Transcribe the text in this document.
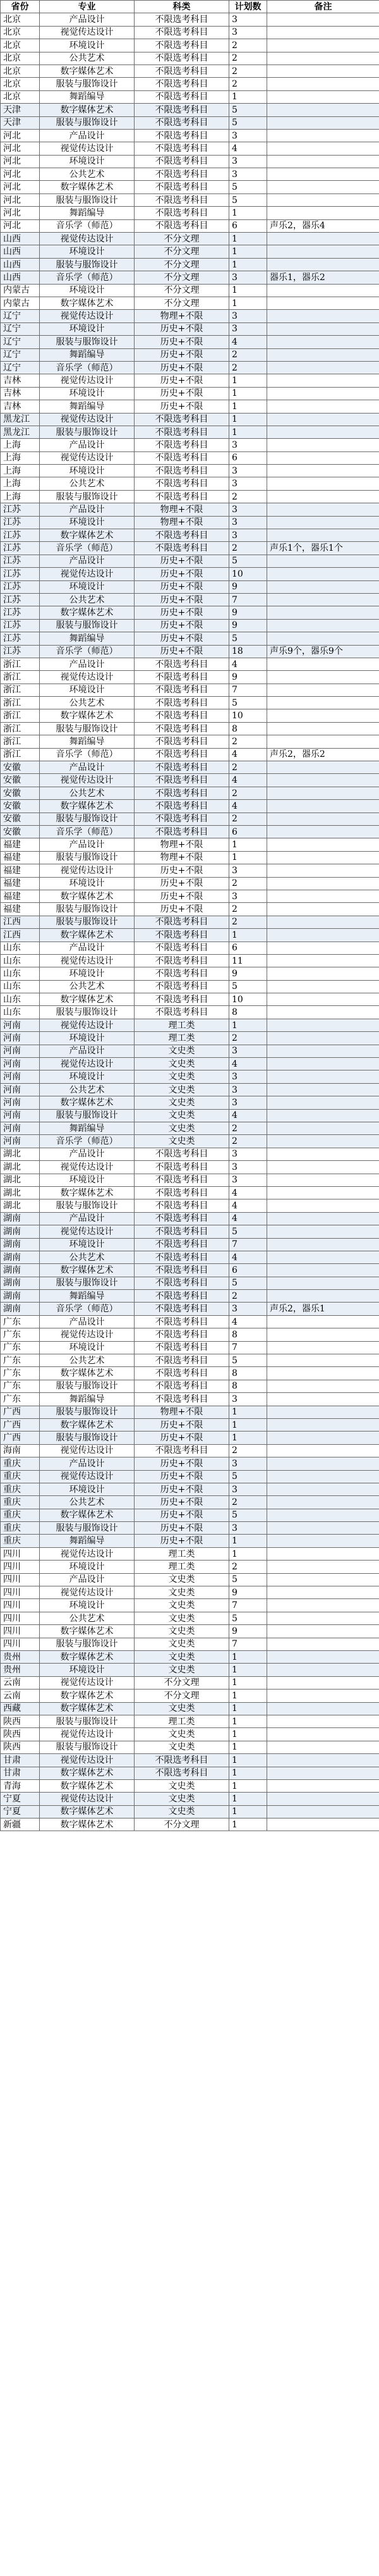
省份	专业	科类	计划数	备注
北京	产品设计	不限选考科目	3	
北京	视觉传达设计	不限选考科目	3	
北京	环境设计	不限选考科目	2	
北京	公共艺术	不限选考科目	2	
北京	数字媒体艺术	不限选考科目	2	
北京	服装与服饰设计	不限选考科目	2	
北京	舞蹈编导	不限选考科目	1	
天津	数字媒体艺术	不限选考科目	5	
天津	服装与服饰设计	不限选考科目	5	
河北	产品设计	不限选考科目	3	
河北	视觉传达设计	不限选考科目	4	
河北	环境设计	不限选考科目	3	
河北	公共艺术	不限选考科目	3	
河北	数字媒体艺术	不限选考科目	5	
河北	服装与服饰设计	不限选考科目	5	
河北	舞蹈编导	不限选考科目	1	
河北	音乐学（师范）	不限选考科目	6	声乐2，器乐4
山西	视觉传达设计	不分文理	1	
山西	环境设计	不分文理	1	
山西	服装与服饰设计	不分文理	1	
山西	音乐学（师范）	不分文理	3	器乐1，器乐2
内蒙古	环境设计	不分文理	1	
内蒙古	数字媒体艺术	不分文理	1	
辽宁	视觉传达设计	物理+不限	3	
辽宁	环境设计	历史+不限	3	
辽宁	服装与服饰设计	历史+不限	4	
辽宁	舞蹈编导	历史+不限	2	
辽宁	音乐学（师范）	历史+不限	2	
吉林	视觉传达设计	历史+不限	1	
吉林	环境设计	历史+不限	1	
吉林	舞蹈编导	历史+不限	1	
黑龙江	视觉传达设计	不限选考科目	1	
黑龙江	服装与服饰设计	不限选考科目	1	
上海	产品设计	不限选考科目	3	
上海	视觉传达设计	不限选考科目	6	
上海	环境设计	不限选考科目	3	
上海	公共艺术	不限选考科目	3	
上海	服装与服饰设计	不限选考科目	2	
江苏	产品设计	物理+不限	3	
江苏	环境设计	物理+不限	3	
江苏	数字媒体艺术	不限选考科目	3	
江苏	音乐学（师范）	不限选考科目	2	声乐1个，器乐1个
江苏	产品设计	历史+不限	5	
江苏	视觉传达设计	历史+不限	10	
江苏	环境设计	历史+不限	9	
江苏	公共艺术	历史+不限	7	
江苏	数字媒体艺术	历史+不限	9	
江苏	服装与服饰设计	历史+不限	9	
江苏	舞蹈编导	历史+不限	5	
江苏	音乐学（师范）	历史+不限	18	声乐9个，器乐9个
浙江	产品设计	不限选考科目	4	
浙江	视觉传达设计	不限选考科目	9	
浙江	环境设计	不限选考科目	7	
浙江	公共艺术	不限选考科目	5	
浙江	数字媒体艺术	不限选考科目	10	
浙江	服装与服饰设计	不限选考科目	8	
浙江	舞蹈编导	不限选考科目	2	
浙江	音乐学（师范）	不限选考科目	4	声乐2，器乐2
安徽	产品设计	不限选考科目	2	
安徽	视觉传达设计	不限选考科目	4	
安徽	公共艺术	不限选考科目	2	
安徽	数字媒体艺术	不限选考科目	4	
安徽	服装与服饰设计	不限选考科目	2	
安徽	音乐学（师范）	不限选考科目	6	
福建	产品设计	物理+不限	1	
福建	服装与服饰设计	物理+不限	1	
福建	视觉传达设计	历史+不限	3	
福建	环境设计	历史+不限	2	
福建	数字媒体艺术	历史+不限	3	
福建	服装与服饰设计	历史+不限	2	
江西	服装与服饰设计	不限选考科目	2	
江西	数字媒体艺术	不限选考科目	1	
山东	产品设计	不限选考科目	6	
山东	视觉传达设计	不限选考科目	11	
山东	环境设计	不限选考科目	9	
山东	公共艺术	不限选考科目	5	
山东	数字媒体艺术	不限选考科目	10	
山东	服装与服饰设计	不限选考科目	8	
河南	视觉传达设计	理工类	1	
河南	环境设计	理工类	2	
河南	产品设计	文史类	3	
河南	视觉传达设计	文史类	4	
河南	环境设计	文史类	3	
河南	公共艺术	文史类	3	
河南	数字媒体艺术	文史类	3	
河南	服装与服饰设计	文史类	4	
河南	舞蹈编导	文史类	2	
河南	音乐学（师范）	文史类	2	
湖北	产品设计	不限选考科目	3	
湖北	视觉传达设计	不限选考科目	3	
湖北	环境设计	不限选考科目	3	
湖北	数字媒体艺术	不限选考科目	4	
湖北	服装与服饰设计	不限选考科目	4	
湖南	产品设计	不限选考科目	4	
湖南	视觉传达设计	不限选考科目	5	
湖南	环境设计	不限选考科目	7	
湖南	公共艺术	不限选考科目	4	
湖南	数字媒体艺术	不限选考科目	6	
湖南	服装与服饰设计	不限选考科目	5	
湖南	舞蹈编导	不限选考科目	2	
湖南	音乐学（师范）	不限选考科目	3	声乐2，器乐1
广东	产品设计	不限选考科目	4	
广东	视觉传达设计	不限选考科目	8	
广东	环境设计	不限选考科目	7	
广东	公共艺术	不限选考科目	5	
广东	数字媒体艺术	不限选考科目	8	
广东	服装与服饰设计	不限选考科目	8	
广东	舞蹈编导	不限选考科目	3	
广西	服装与服饰设计	物理+不限	1	
广西	数字媒体艺术	历史+不限	1	
广西	服装与服饰设计	历史+不限	1	
海南	视觉传达设计	不限选考科目	2	
重庆	产品设计	历史+不限	3	
重庆	视觉传达设计	历史+不限	5	
重庆	环境设计	历史+不限	3	
重庆	公共艺术	历史+不限	2	
重庆	数字媒体艺术	历史+不限	5	
重庆	服装与服饰设计	历史+不限	3	
重庆	舞蹈编导	历史+不限	1	
四川	视觉传达设计	理工类	1	
四川	环境设计	理工类	2	
四川	产品设计	文史类	5	
四川	视觉传达设计	文史类	9	
四川	环境设计	文史类	7	
四川	公共艺术	文史类	5	
四川	数字媒体艺术	文史类	9	
四川	服装与服饰设计	文史类	7	
贵州	数字媒体艺术	文史类	1	
贵州	环境设计	文史类	1	
云南	视觉传达设计	不分文理	1	
云南	数字媒体艺术	不分文理	1	
西藏	数字媒体艺术	文史类	1	
陕西	服装与服饰设计	理工类	1	
陕西	视觉传达设计	文史类	1	
陕西	服装与服饰设计	文史类	1	
甘肃	视觉传达设计	不限选考科目	1	
甘肃	数字媒体艺术	不限选考科目	1	
青海	数字媒体艺术	文史类	1	
宁夏	视觉传达设计	文史类	1	
宁夏	数字媒体艺术	文史类	1	
新疆	数字媒体艺术	不分文理	1	
